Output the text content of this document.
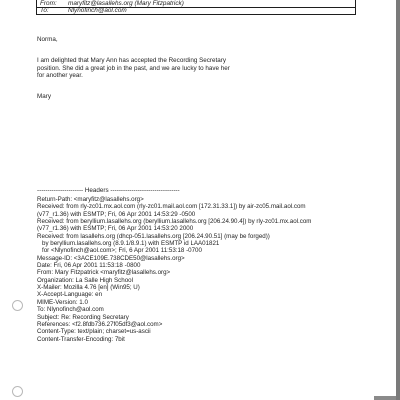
From: maryfitz@lasallehs.org (Mary Fitzpatrick)
To:	Nlynofinch@aol.com
Norma,
I am delighted that Mary Ann has accepted the Recording Secretary
position. She did a great job in the past, and we are lucky to have her
for another year.
Mary
---------------------- Headers ---------------------------------
Return-Path: <maryfitz@lasallehs.org>
Received: from rly-zc01.mx.aol.com (rly-zc01.mail.aol.com [172.31.33.1]) by air-zc05.mail.aol.com
(v77_r1.36) with ESMTP; Fri, 06 Apr 2001 14:53:29 -0500
Received: from beryllium.lasallehs.org (beryllium.lasallehs.org [206.24.90.4]) by rly-zc01.mx.aol.com
(v77_r1.36) with ESMTP; Fri, 06 Apr 2001 14:53:20 2000
Received: from lasallehs.org (dhcp-051.lasallehs.org [206.24.90.51] (may be forged))
by beryllium.lasallehs.org (8.9.1/8.9.1) with ESMTP id LAA01821
for <Nlynofinch@aol.com>; Fri, 6 Apr 2001 11:53:18 -0700
Message-ID: <3ACE109E.738CDE50@lasallehs.org>
Date: Fri, 06 Apr 2001 11:53:18 -0800
From: Mary Fitzpatrick <maryfitz@lasallehs.org>
Organization: La Salle High School
X-Mailer: Mozilla 4.76 [en] (Win95; U)
X-Accept-Language: en
MIME-Version: 1.0
To: Nlynofinch@aol.com
Subject: Re: Recording Secretary
References: <f2.8fdb736.27f05df3@aol.com>
Content-Type: text/plain; charset=us-ascii
Content-Transfer-Encoding: 7bit
